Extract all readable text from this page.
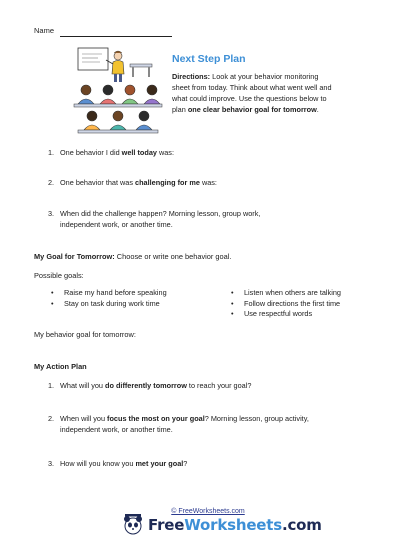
Name
Next Step Plan
Directions: Look at your behavior monitoring sheet from today. Think about what went well and what could improve. Use the questions below to plan one clear behavior goal for tomorrow.
1. One behavior I did well today was:
2. One behavior that was challenging for me was:
3. When did the challenge happen? Morning lesson, group work,
independent work, or another time.
My Goal for Tomorrow: Choose or write one behavior goal.
Possible goals:
• Raise my hand before speaking
• Stay on task during work time
• Listen when others are talking
• Follow directions the first time
• Use respectful words
My behavior goal for tomorrow:
My Action Plan
1. What will you do differently tomorrow to reach your goal?
2. When will you focus the most on your goal? Morning lesson, group activity,
independent work, or another time.
3. How will you know you met your goal?
© FreeWorksheets.com
FreeWorksheets.com
